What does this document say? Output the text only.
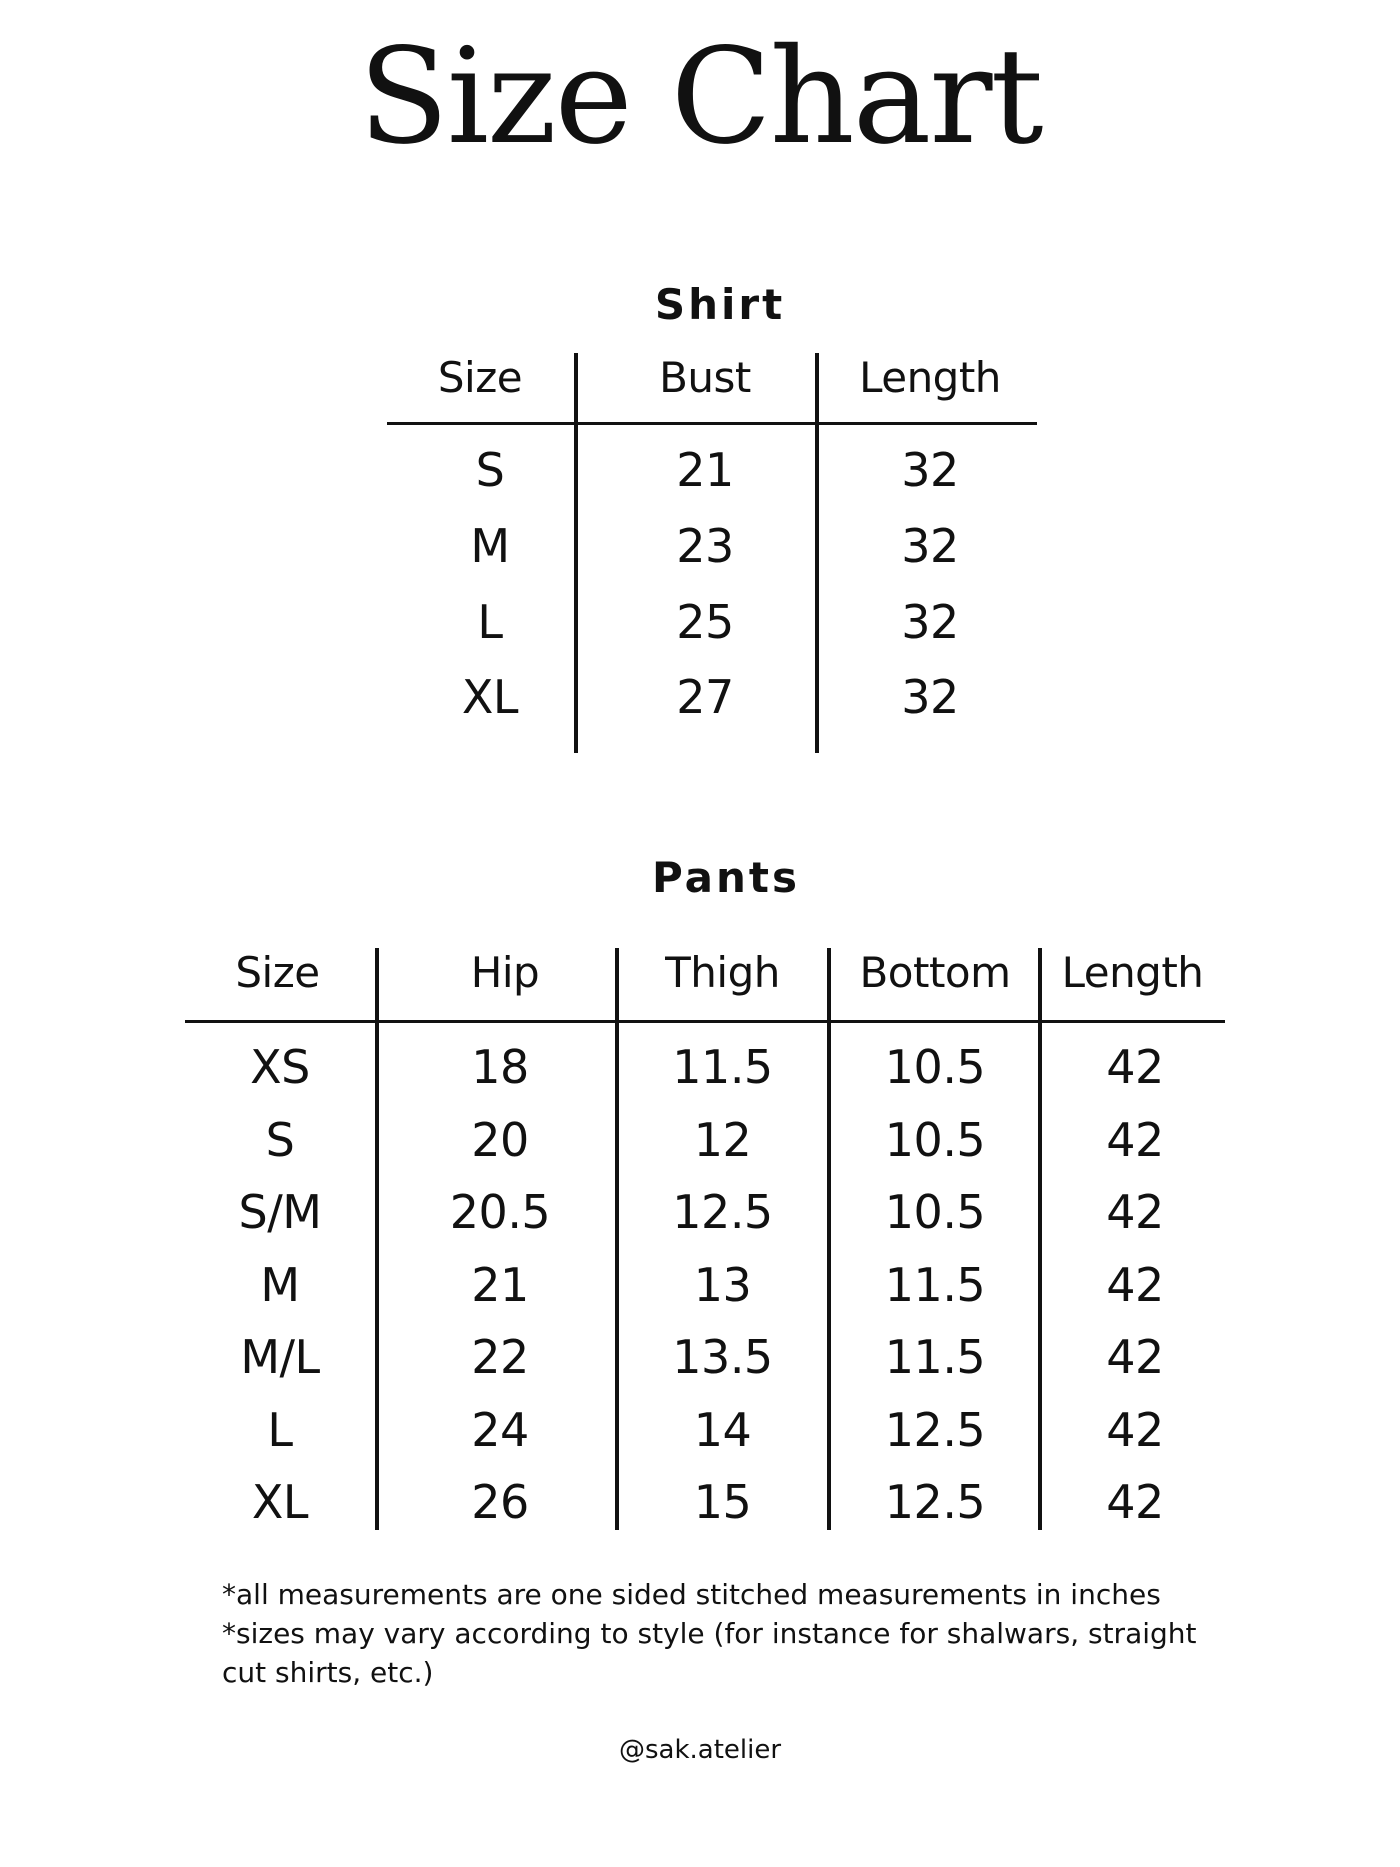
Size Chart
Shirt
Size	Bust	Length
S	21	32
M	23	32
L	25	32
XL	27	32
Pants
Size	Hip	Thigh	Bottom	Length
XS	18	11.5	10.5	42
S	20	12	10.5	42
S/M	20.5	12.5	10.5	42
M	21	13	11.5	42
M/L	22	13.5	11.5	42
L	24	14	12.5	42
XL	26	15	12.5	42

*all measurements are one sided stitched measurements in inches

*sizes may vary according to style (for instance for shalwars, straight cut shirts, etc.)

@sak.atelier
